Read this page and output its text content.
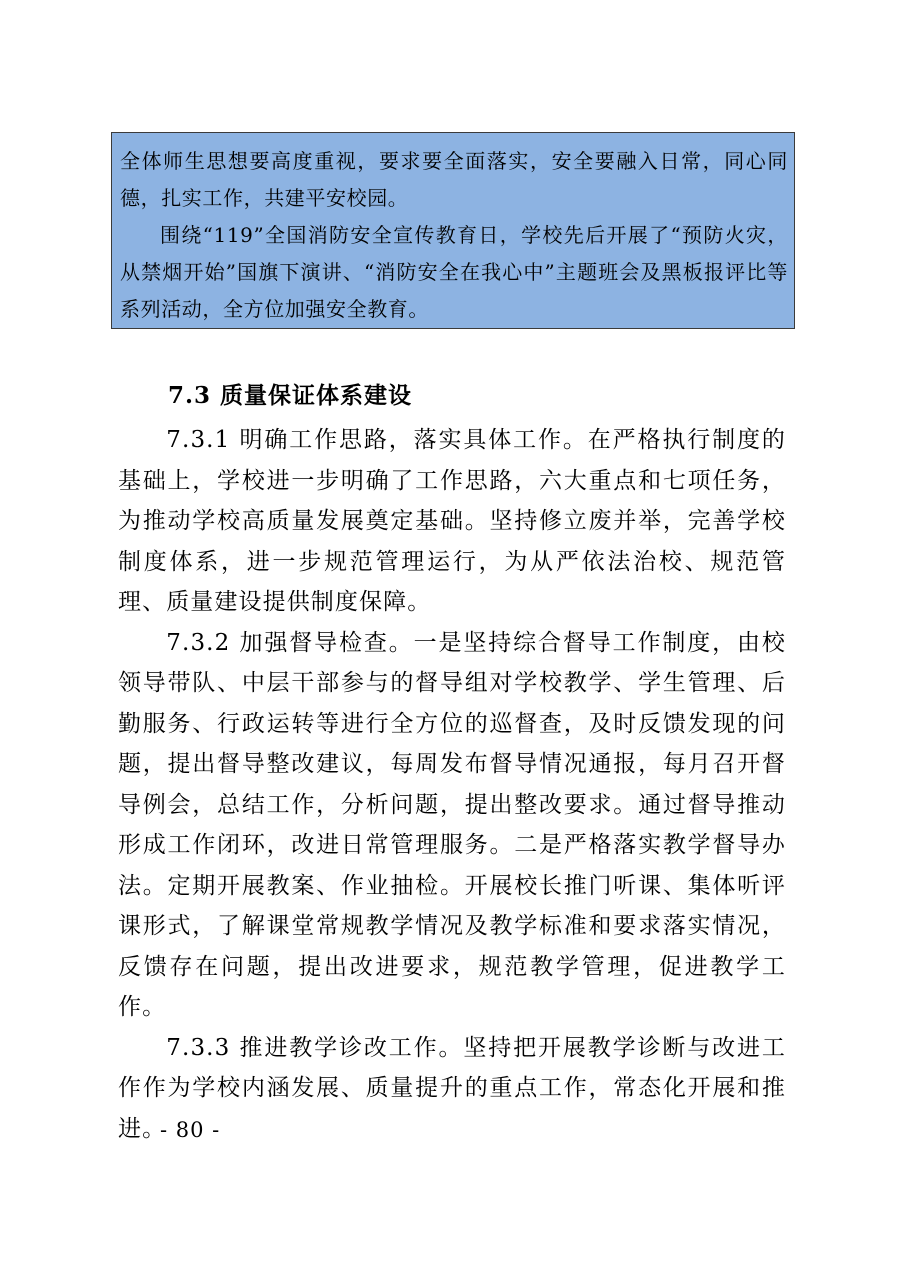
全体师生思想要高度重视，要求要全面落实，安全要融入日常，同心同德，扎实工作，共建平安校园。

围绕“119”全国消防安全宣传教育日，学校先后开展了“预防火灾，从禁烟开始”国旗下演讲、“消防安全在我心中”主题班会及黑板报评比等系列活动，全方位加强安全教育。

7.3 质量保证体系建设

7.3.1 明确工作思路，落实具体工作。在严格执行制度的基础上，学校进一步明确了工作思路，六大重点和七项任务，为推动学校高质量发展奠定基础。坚持修立废并举，完善学校制度体系，进一步规范管理运行，为从严依法治校、规范管理、质量建设提供制度保障。

7.3.2 加强督导检查。一是坚持综合督导工作制度，由校领导带队、中层干部参与的督导组对学校教学、学生管理、后勤服务、行政运转等进行全方位的巡督查，及时反馈发现的问题，提出督导整改建议，每周发布督导情况通报，每月召开督导例会，总结工作，分析问题，提出整改要求。通过督导推动形成工作闭环，改进日常管理服务。二是严格落实教学督导办法。定期开展教案、作业抽检。开展校长推门听课、集体听评课形式，了解课堂常规教学情况及教学标准和要求落实情况，反馈存在问题，提出改进要求，规范教学管理，促进教学工作。

7.3.3 推进教学诊改工作。坚持把开展教学诊断与改进工作作为学校内涵发展、质量提升的重点工作，常态化开展和推进。

- 80 -
